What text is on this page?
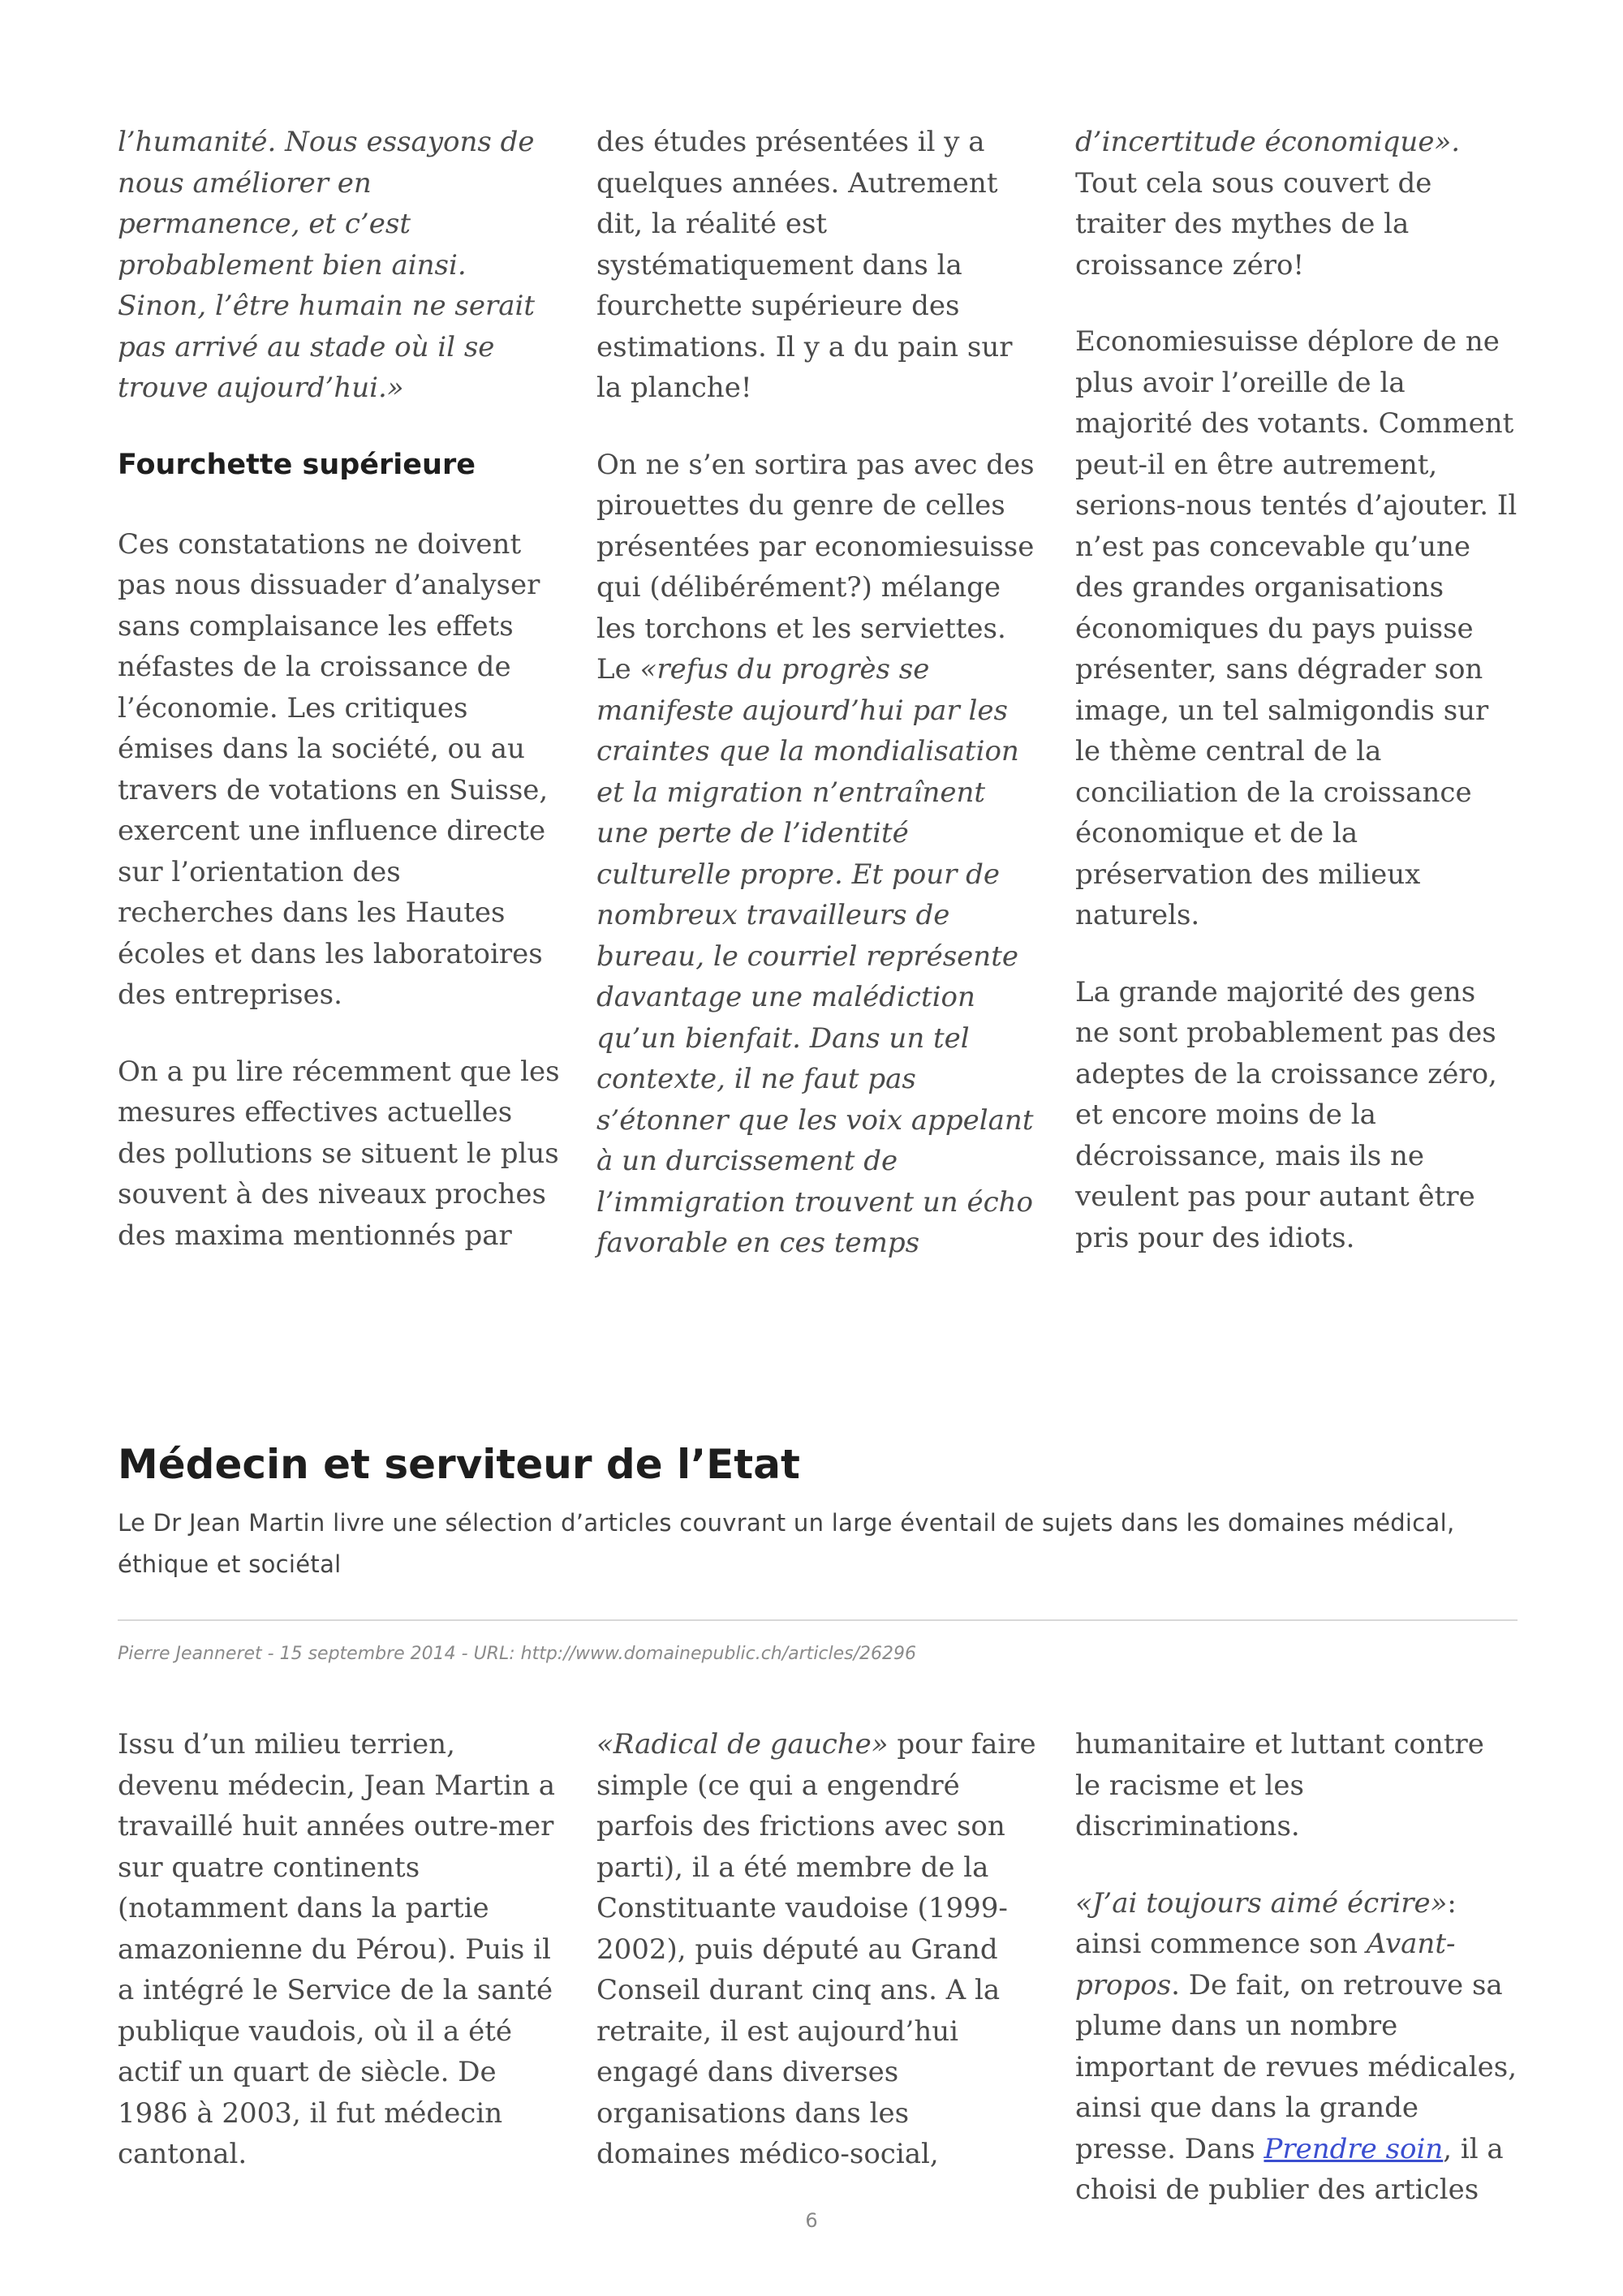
l’humanité. Nous essayons de nous améliorer en permanence, et c’est probablement bien ainsi. Sinon, l’être humain ne serait pas arrivé au stade où il se trouve aujourd’hui.»

Fourchette supérieure

Ces constatations ne doivent pas nous dissuader d’analyser sans complaisance les effets néfastes de la croissance de l’économie. Les critiques émises dans la société, ou au travers de votations en Suisse, exercent une influence directe sur l’orientation des recherches dans les Hautes écoles et dans les laboratoires des entreprises.

On a pu lire récemment que les mesures effectives actuelles des pollutions se situent le plus souvent à des niveaux proches des maxima mentionnés par

des études présentées il y a quelques années. Autrement dit, la réalité est systématiquement dans la fourchette supérieure des estimations. Il y a du pain sur la planche!

On ne s’en sortira pas avec des pirouettes du genre de celles présentées par economiesuisse qui (délibérément?) mélange les torchons et les serviettes. Le «refus du progrès se manifeste aujourd’hui par les craintes que la mondialisation et la migration n’entraînent une perte de l’identité culturelle propre. Et pour de nombreux travailleurs de bureau, le courriel représente davantage une malédiction qu’un bienfait. Dans un tel contexte, il ne faut pas s’étonner que les voix appelant à un durcissement de l’immigration trouvent un écho favorable en ces temps

d’incertitude économique». Tout cela sous couvert de traiter des mythes de la croissance zéro!

Economiesuisse déplore de ne plus avoir l’oreille de la majorité des votants. Comment peut-il en être autrement, serions-nous tentés d’ajouter. Il n’est pas concevable qu’une des grandes organisations économiques du pays puisse présenter, sans dégrader son image, un tel salmigondis sur le thème central de la conciliation de la croissance économique et de la préservation des milieux naturels.

La grande majorité des gens ne sont probablement pas des adeptes de la croissance zéro, et encore moins de la décroissance, mais ils ne veulent pas pour autant être pris pour des idiots.

Médecin et serviteur de l’Etat

Le Dr Jean Martin livre une sélection d’articles couvrant un large éventail de sujets dans les domaines médical, éthique et sociétal

Pierre Jeanneret - 15 septembre 2014 - URL: http://www.domainepublic.ch/articles/26296

Issu d’un milieu terrien, devenu médecin, Jean Martin a travaillé huit années outre-mer sur quatre continents (notamment dans la partie amazonienne du Pérou). Puis il a intégré le Service de la santé publique vaudois, où il a été actif un quart de siècle. De 1986 à 2003, il fut médecin cantonal.

«Radical de gauche» pour faire simple (ce qui a engendré parfois des frictions avec son parti), il a été membre de la Constituante vaudoise (1999-2002), puis député au Grand Conseil durant cinq ans. A la retraite, il est aujourd’hui engagé dans diverses organisations dans les domaines médico-social,

humanitaire et luttant contre le racisme et les discriminations.

«J’ai toujours aimé écrire»: ainsi commence son Avant-propos. De fait, on retrouve sa plume dans un nombre important de revues médicales, ainsi que dans la grande presse. Dans Prendre soin, il a choisi de publier des articles

6
